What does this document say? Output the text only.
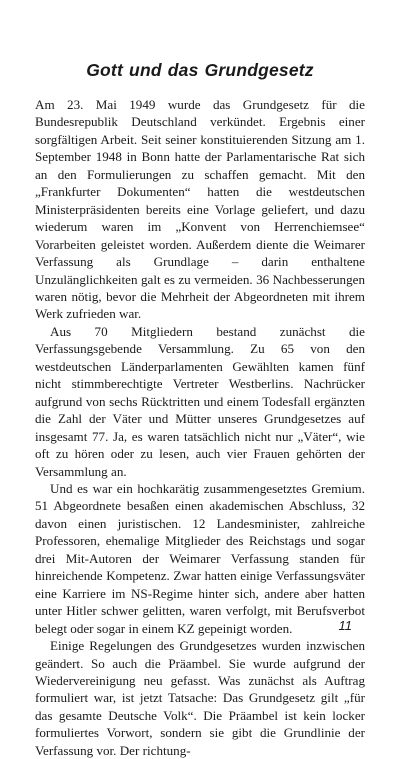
Gott und das Grundgesetz

Am 23. Mai 1949 wurde das Grundgesetz für die Bundesrepublik Deutschland verkündet. Ergebnis einer sorgfältigen Arbeit. Seit seiner konstituierenden Sitzung am 1. September 1948 in Bonn hatte der Parlamentarische Rat sich an den Formulierungen zu schaffen gemacht. Mit den „Frankfurter Dokumenten“ hatten die westdeutschen Ministerpräsidenten bereits eine Vorlage geliefert, und dazu wiederum waren im „Konvent von Herrenchiemsee“ Vorarbeiten geleistet worden. Außerdem diente die Weimarer Verfassung als Grundlage – darin enthaltene Unzulänglichkeiten galt es zu vermeiden. 36 Nachbesserungen waren nötig, bevor die Mehrheit der Abgeordneten mit ihrem Werk zufrieden war.

Aus 70 Mitgliedern bestand zunächst die Verfassungsgebende Versammlung. Zu 65 von den westdeutschen Länderparlamenten Gewählten kamen fünf nicht stimmberechtigte Vertreter Westberlins. Nachrücker aufgrund von sechs Rücktritten und einem Todesfall ergänzten die Zahl der Väter und Mütter unseres Grundgesetzes auf insgesamt 77. Ja, es waren tatsächlich nicht nur „Väter“, wie oft zu hören oder zu lesen, auch vier Frauen gehörten der Versammlung an.

Und es war ein hochkarätig zusammengesetztes Gremium. 51 Abgeordnete besaßen einen akademischen Abschluss, 32 davon einen juristischen. 12 Landesminister, zahlreiche Professoren, ehemalige Mitglieder des Reichstags und sogar drei Mit-Autoren der Weimarer Verfassung standen für hinreichende Kompetenz. Zwar hatten einige Verfassungsväter eine Karriere im NS-Regime hinter sich, andere aber hatten unter Hitler schwer gelitten, waren verfolgt, mit Berufsverbot belegt oder sogar in einem KZ gepeinigt worden.

Einige Regelungen des Grundgesetzes wurden inzwischen geändert. So auch die Präambel. Sie wurde aufgrund der Wiedervereinigung neu gefasst. Was zunächst als Auftrag formuliert war, ist jetzt Tatsache: Das Grundgesetz gilt „für das gesamte Deutsche Volk“. Die Präambel ist kein locker formuliertes Vorwort, sondern sie gibt die Grundlinie der Verfassung vor. Der richtung-

11
